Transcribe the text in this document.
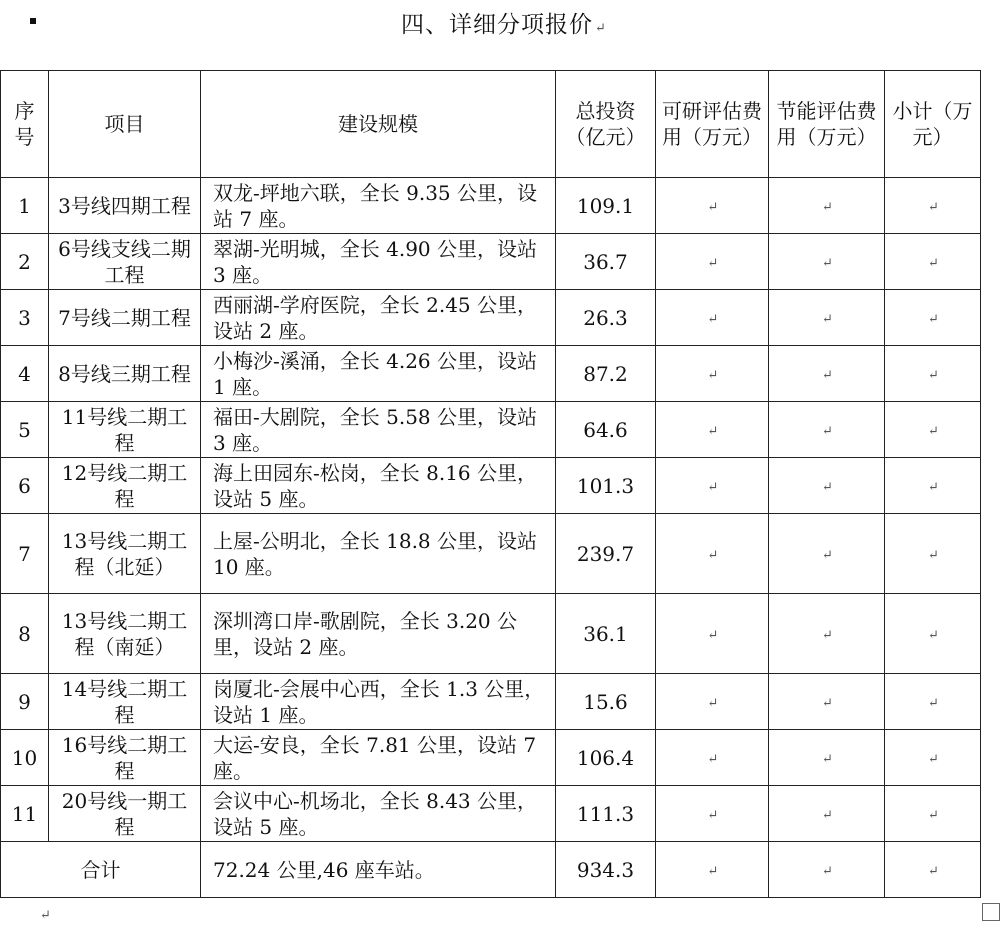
四、详细分项报价 ↵
序号	项目	建设规模	总投资（亿元）	可研评估费用（万元）	节能评估费用（万元）	小计（万元）
1	3号线四期工程	双龙-坪地六联，全长 9.35 公里，设站 7 座。	109.1	↵	↵	↵
2	6号线支线二期工程	翠湖-光明城，全长 4.90 公里，设站 3 座。	36.7	↵	↵	↵
3	7号线二期工程	西丽湖-学府医院，全长 2.45 公里，设站 2 座。	26.3	↵	↵	↵
4	8号线三期工程	小梅沙-溪涌，全长 4.26 公里，设站 1 座。	87.2	↵	↵	↵
5	11号线二期工程	福田-大剧院，全长 5.58 公里，设站 3 座。	64.6	↵	↵	↵
6	12号线二期工程	海上田园东-松岗，全长 8.16 公里，设站 5 座。	101.3	↵	↵	↵
7	13号线二期工程（北延）	上屋-公明北，全长 18.8 公里，设站 10 座。	239.7	↵	↵	↵
8	13号线二期工程（南延）	深圳湾口岸-歌剧院，全长 3.20 公里，设站 2 座。	36.1	↵	↵	↵
9	14号线二期工程	岗厦北-会展中心西，全长 1.3 公里，设站 1 座。	15.6	↵	↵	↵
10	16号线二期工程	大运-安良，全长 7.81 公里，设站 7 座。	106.4	↵	↵	↵
11	20号线一期工程	会议中心-机场北，全长 8.43 公里，设站 5 座。	111.3	↵	↵	↵
合计		72.24 公里,46 座车站。	934.3	↵	↵	↵
↵
